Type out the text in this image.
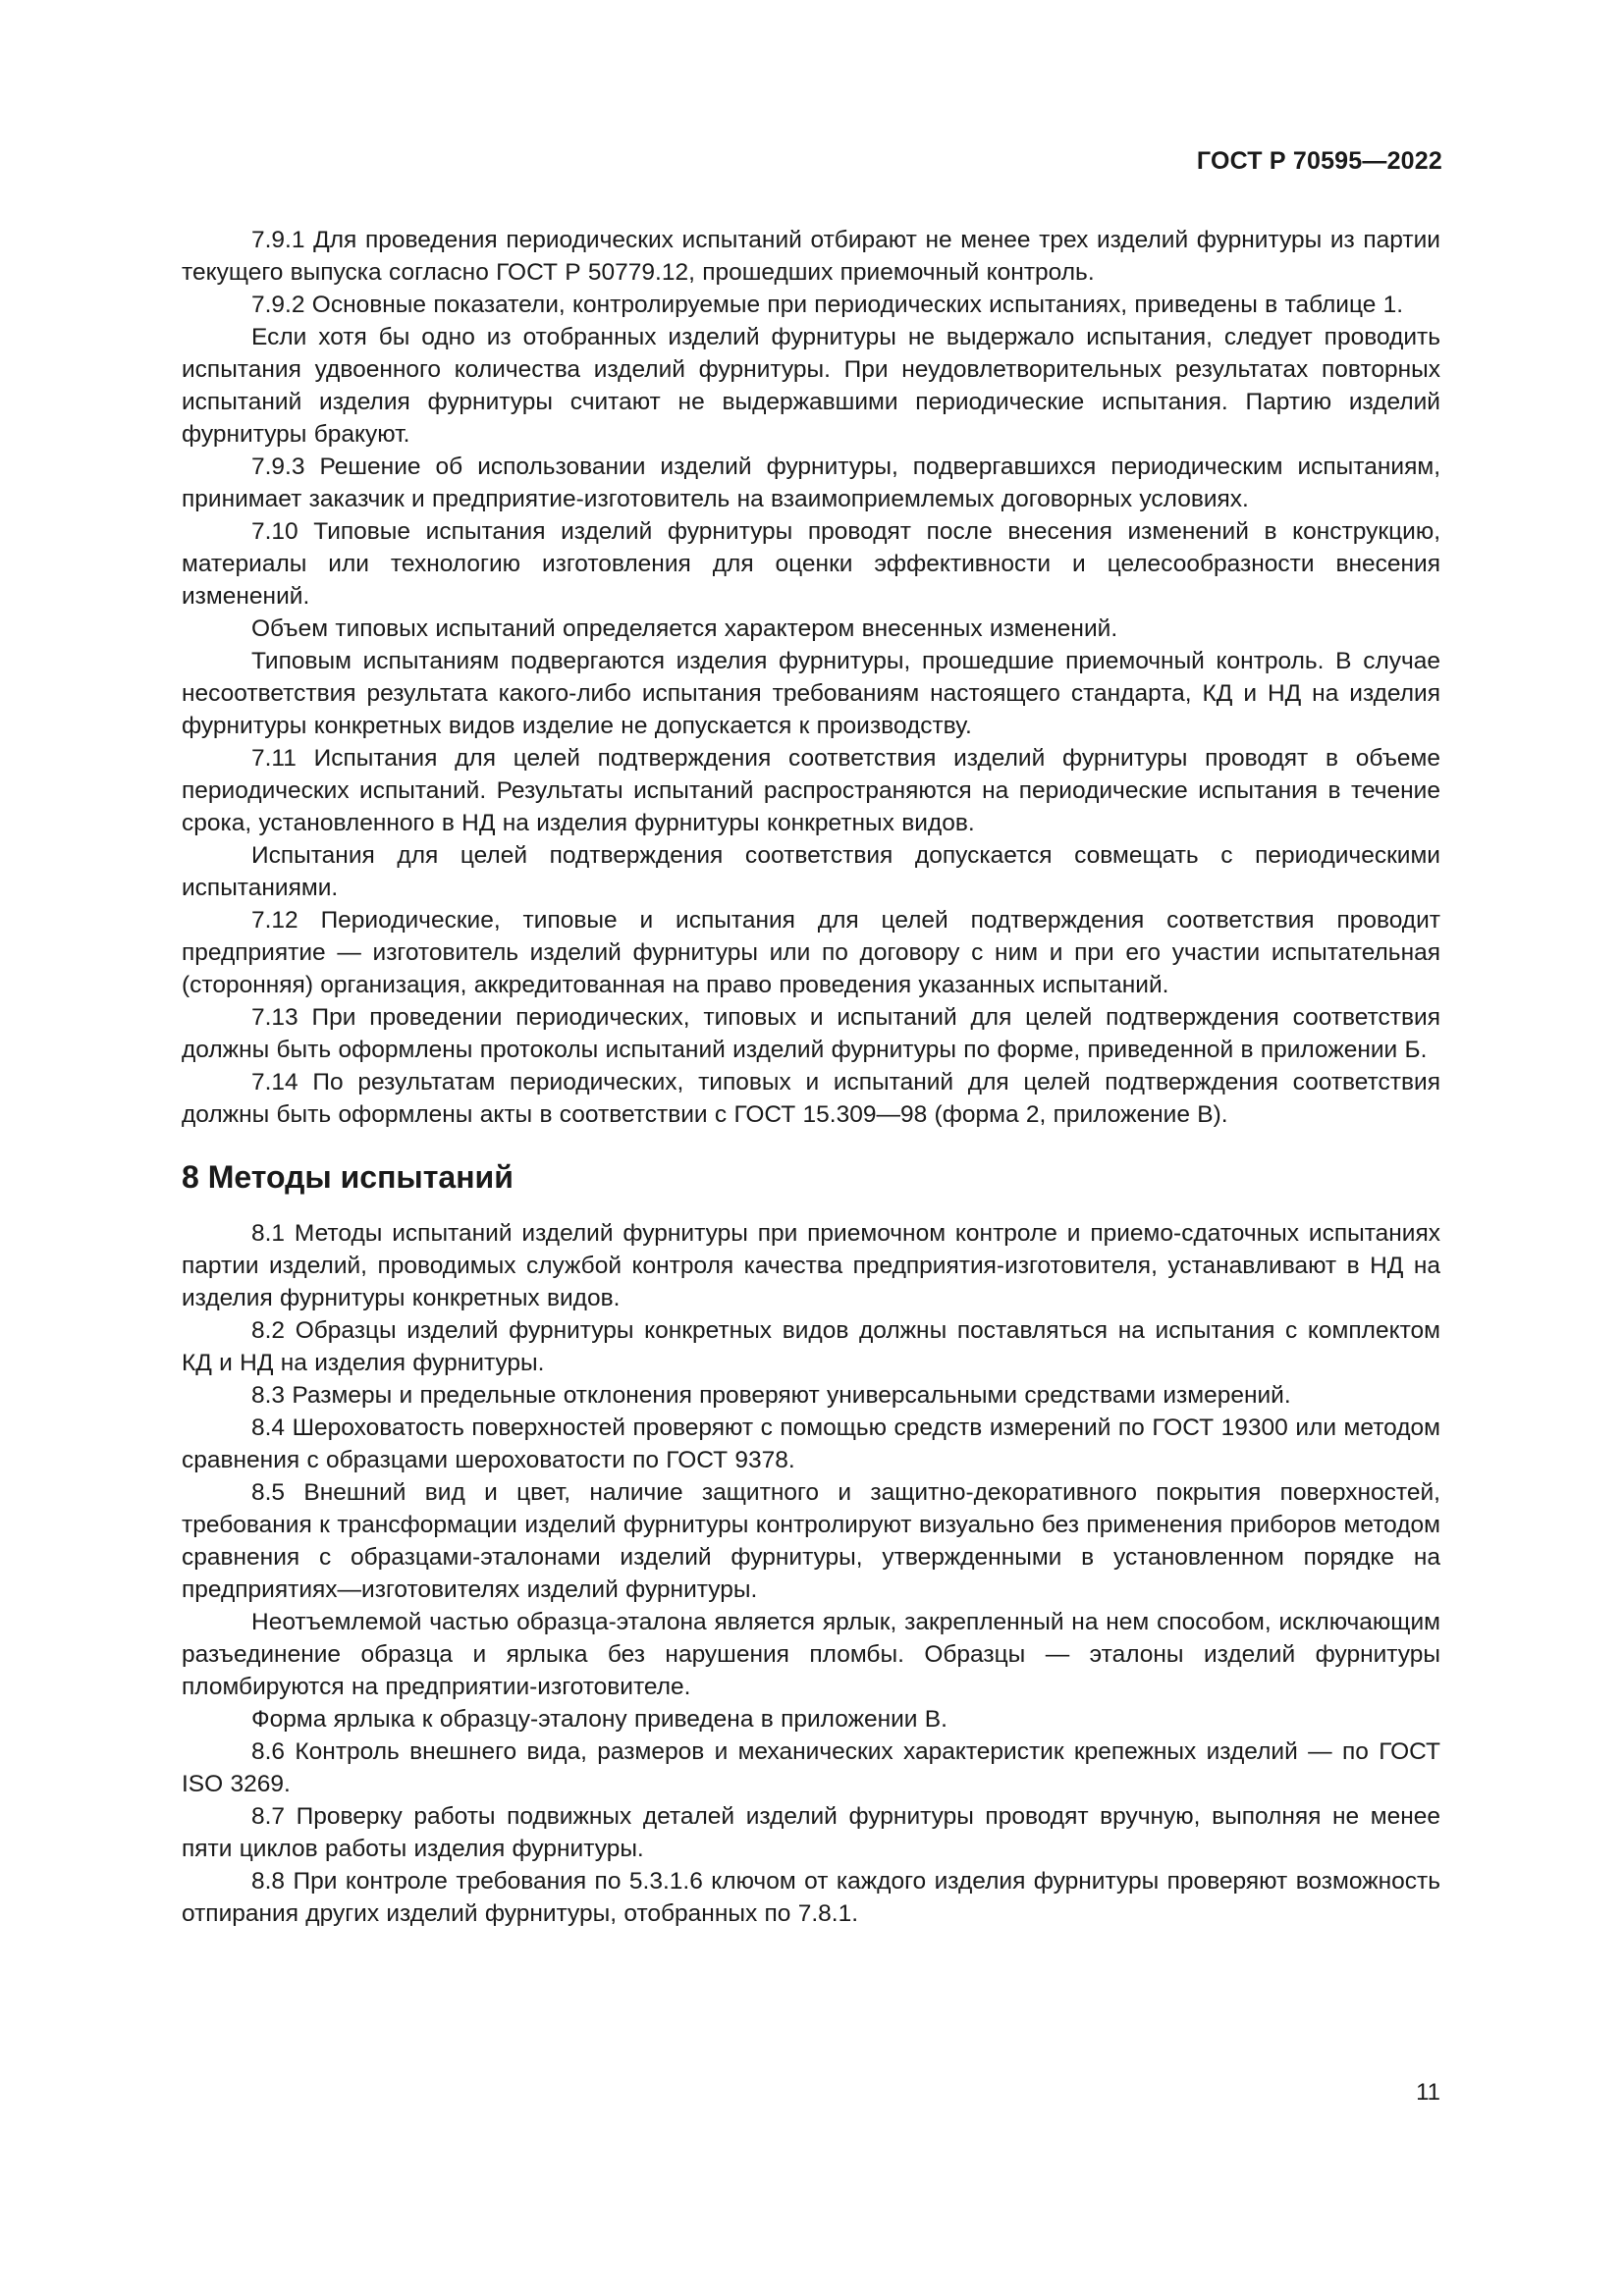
ГОСТ Р 70595—2022

7.9.1 Для проведения периодических испытаний отбирают не менее трех изделий фурнитуры из партии текущего выпуска согласно ГОСТ Р 50779.12, прошедших приемочный контроль.

7.9.2 Основные показатели, контролируемые при периодических испытаниях, приведены в таблице 1.

Если хотя бы одно из отобранных изделий фурнитуры не выдержало испытания, следует проводить испытания удвоенного количества изделий фурнитуры. При неудовлетворительных результатах повторных испытаний изделия фурнитуры считают не выдержавшими периодические испытания. Партию изделий фурнитуры бракуют.

7.9.3 Решение об использовании изделий фурнитуры, подвергавшихся периодическим испытаниям, принимает заказчик и предприятие-изготовитель на взаимоприемлемых договорных условиях.

7.10 Типовые испытания изделий фурнитуры проводят после внесения изменений в конструкцию, материалы или технологию изготовления для оценки эффективности и целесообразности внесения изменений.

Объем типовых испытаний определяется характером внесенных изменений.

Типовым испытаниям подвергаются изделия фурнитуры, прошедшие приемочный контроль. В случае несоответствия результата какого-либо испытания требованиям настоящего стандарта, КД и НД на изделия фурнитуры конкретных видов изделие не допускается к производству.

7.11 Испытания для целей подтверждения соответствия изделий фурнитуры проводят в объеме периодических испытаний. Результаты испытаний распространяются на периодические испытания в течение срока, установленного в НД на изделия фурнитуры конкретных видов.

Испытания для целей подтверждения соответствия допускается совмещать с периодическими испытаниями.

7.12 Периодические, типовые и испытания для целей подтверждения соответствия проводит предприятие — изготовитель изделий фурнитуры или по договору с ним и при его участии испытательная (сторонняя) организация, аккредитованная на право проведения указанных испытаний.

7.13 При проведении периодических, типовых и испытаний для целей подтверждения соответствия должны быть оформлены протоколы испытаний изделий фурнитуры по форме, приведенной в приложении Б.

7.14 По результатам периодических, типовых и испытаний для целей подтверждения соответствия должны быть оформлены акты в соответствии с ГОСТ 15.309—98 (форма 2, приложение В).

8 Методы испытаний

8.1 Методы испытаний изделий фурнитуры при приемочном контроле и приемо-сдаточных испытаниях партии изделий, проводимых службой контроля качества предприятия-изготовителя, устанавливают в НД на изделия фурнитуры конкретных видов.

8.2 Образцы изделий фурнитуры конкретных видов должны поставляться на испытания с комплектом КД и НД на изделия фурнитуры.

8.3 Размеры и предельные отклонения проверяют универсальными средствами измерений.

8.4 Шероховатость поверхностей проверяют с помощью средств измерений по ГОСТ 19300 или методом сравнения с образцами шероховатости по ГОСТ 9378.

8.5 Внешний вид и цвет, наличие защитного и защитно-декоративного покрытия поверхностей, требования к трансформации изделий фурнитуры контролируют визуально без применения приборов методом сравнения с образцами-эталонами изделий фурнитуры, утвержденными в установленном порядке на предприятиях—изготовителях изделий фурнитуры.

Неотъемлемой частью образца-эталона является ярлык, закрепленный на нем способом, исключающим разъединение образца и ярлыка без нарушения пломбы. Образцы — эталоны изделий фурнитуры пломбируются на предприятии-изготовителе.

Форма ярлыка к образцу-эталону приведена в приложении В.

8.6 Контроль внешнего вида, размеров и механических характеристик крепежных изделий — по ГОСТ ISO 3269.

8.7 Проверку работы подвижных деталей изделий фурнитуры проводят вручную, выполняя не менее пяти циклов работы изделия фурнитуры.

8.8 При контроле требования по 5.3.1.6 ключом от каждого изделия фурнитуры проверяют возможность отпирания других изделий фурнитуры, отобранных по 7.8.1.

11
